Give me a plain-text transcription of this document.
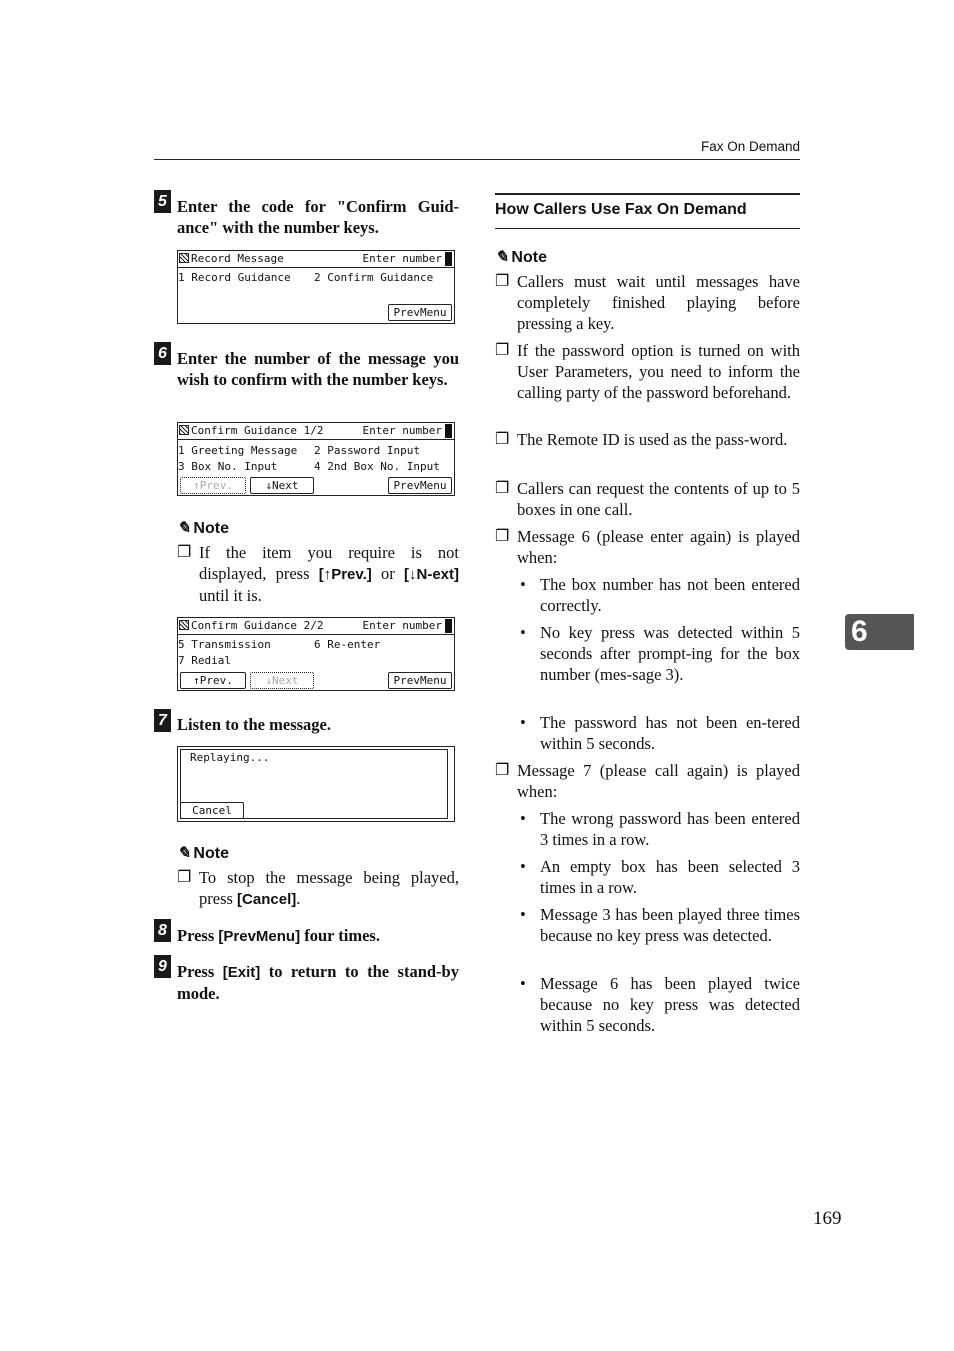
Fax On Demand
5 Enter the code for "Confirm Guid-ance" with the number keys.
Record Message	Enter number
1 Record Guidance 2 Confirm Guidance
PrevMenu
6 Enter the number of the message you wish to confirm with the number keys.
Confirm Guidance 1/2	Enter number
1 Greeting Message 2 Password Input
3 Box No. Input	4 2nd Box No. Input
↑Prev.	↓Next	PrevMenu
✎ Note
❐ If the item you require is not displayed, press [↑Prev.] or [↓N-ext] until it is.
Confirm Guidance 2/2	Enter number
5 Transmission	6 Re-enter
7 Redial
↑Prev.	↓Next	PrevMenu
7 Listen to the message.
Replaying...
Cancel
✎ Note
❐ To stop the message being played, press [Cancel].
8 Press [PrevMenu] four times.
9 Press [Exit] to return to the stand-by mode.
How Callers Use Fax On Demand
✎ Note
❐ Callers must wait until messages have completely finished playing before pressing a key.
❐ If the password option is turned on with User Parameters, you need to inform the calling party of the password beforehand.
❐ The Remote ID is used as the pass-word.
❐ Callers can request the contents of up to 5 boxes in one call.
❐ Message 6 (please enter again) is played when:
• The box number has not been entered correctly.
• No key press was detected within 5 seconds after prompt-ing for the box number (mes-sage 3).
• The password has not been en-tered within 5 seconds.
❐ Message 7 (please call again) is played when:
• The wrong password has been entered 3 times in a row.
• An empty box has been selected 3 times in a row.
• Message 3 has been played three times because no key press was detected.
• Message 6 has been played twice because no key press was detected within 5 seconds.
6
169
